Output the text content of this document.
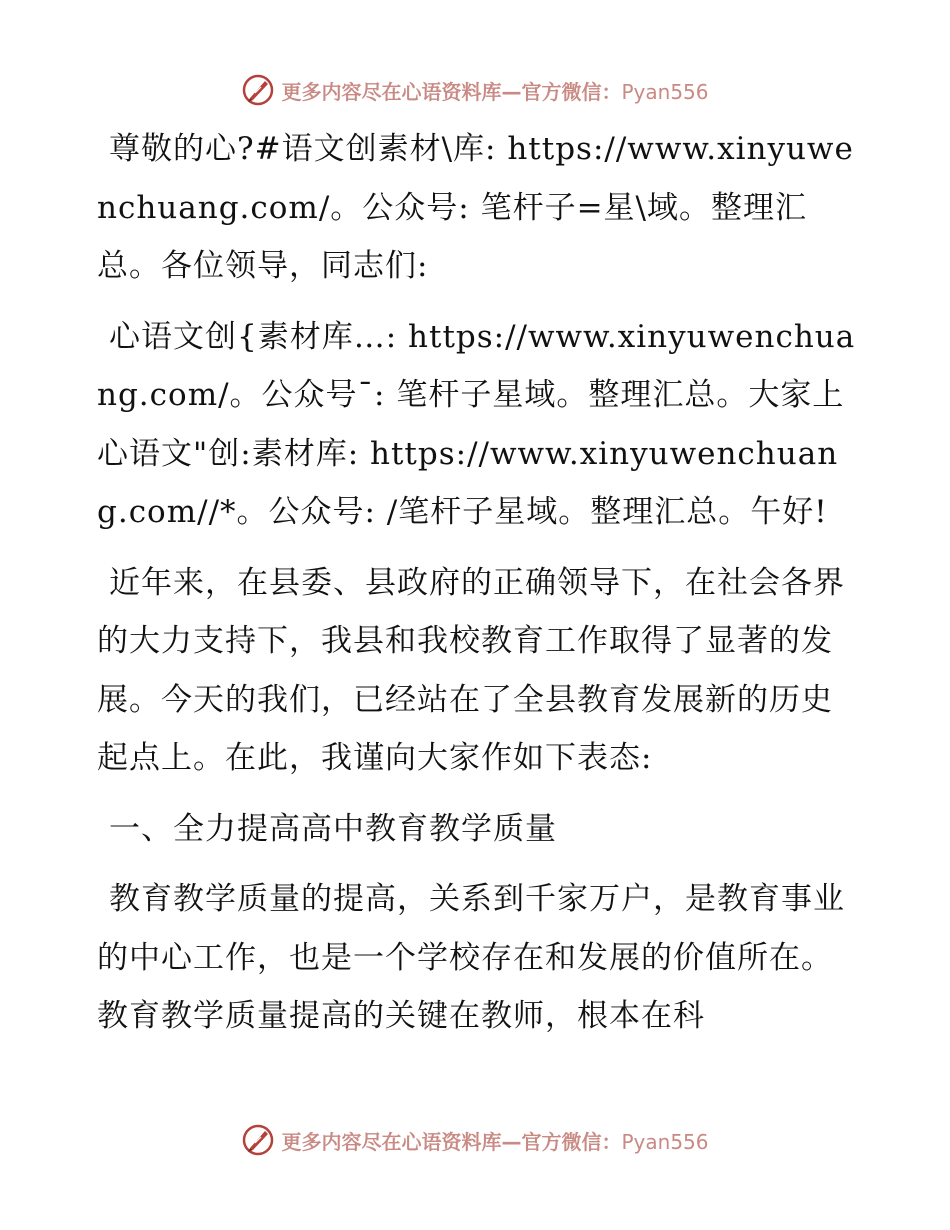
更多内容尽在心语资料库—官方微信：Pyan556

尊敬的心?#语文创素材\库: https://www.xinyuwenchuang.com/。公众号: 笔杆子=星\域。整理汇总。各位领导，同志们:

心语文创{素材库…: https://www.xinyuwenchuang.com/。公众号¯: 笔杆子星域。整理汇总。大家上心语文"创:素材库: https://www.xinyuwenchuang.com//*。公众号: /笔杆子星域。整理汇总。午好!

近年来，在县委、县政府的正确领导下，在社会各界的大力支持下，我县和我校教育工作取得了显著的发展。今天的我们，已经站在了全县教育发展新的历史起点上。在此，我谨向大家作如下表态:

一、全力提高高中教育教学质量

教育教学质量的提高，关系到千家万户，是教育事业的中心工作，也是一个学校存在和发展的价值所在。教育教学质量提高的关键在教师，根本在科

更多内容尽在心语资料库—官方微信：Pyan556
